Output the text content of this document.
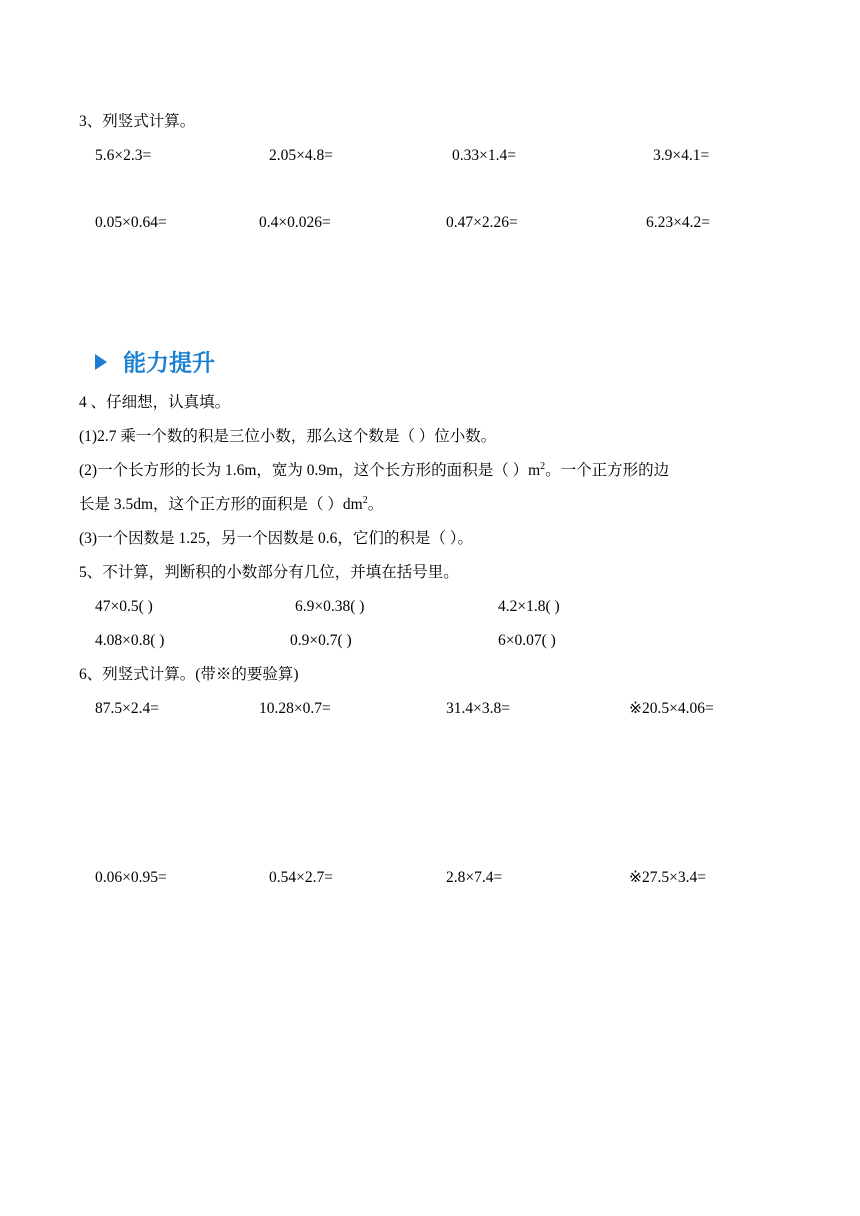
3、列竖式计算。
5.6×2.3=	2.05×4.8=	0.33×1.4=	3.9×4.1=
0.05×0.64=	0.4×0.026=	0.47×2.26=	6.23×4.2=
能力提升
4 、仔细想，认真填。
(1)2.7 乘一个数的积是三位小数，那么这个数是（ ）位小数。
(2)一个长方形的长为 1.6m，宽为 0.9m，这个长方形的面积是（ ）$m^2$。一个正方形的边
长是 3.5dm，这个正方形的面积是（ ）$dm^2$。
(3)一个因数是 1.25，另一个因数是 0.6，它们的积是（ ）。
5、不计算，判断积的小数部分有几位，并填在括号里。
47×0.5( )	6.9×0.38( )	4.2×1.8( )
4.08×0.8( )	0.9×0.7( )	6×0.07( )
6、列竖式计算。(带※的要验算)
87.5×2.4=	10.28×0.7=	31.4×3.8=	※20.5×4.06=
0.06×0.95=	0.54×2.7=	2.8×7.4=	※27.5×3.4=
